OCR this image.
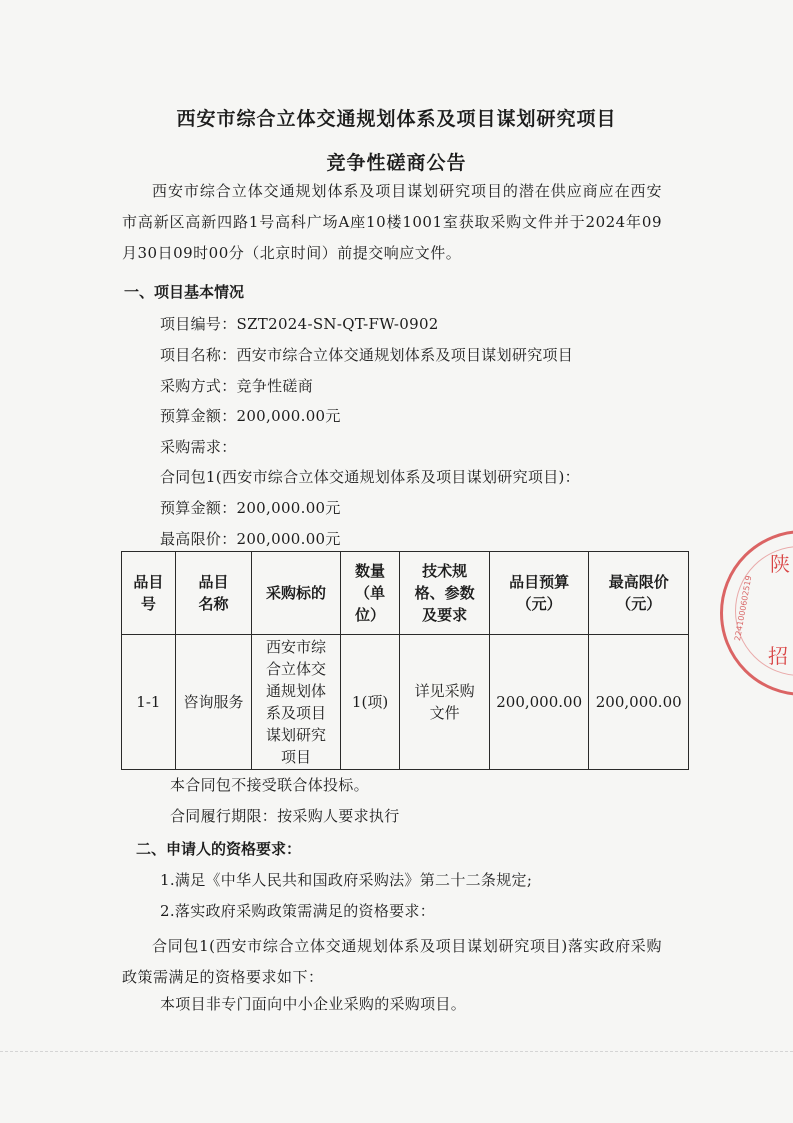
西安市综合立体交通规划体系及项目谋划研究项目
竞争性磋商公告
西安市综合立体交通规划体系及项目谋划研究项目的潜在供应商应在西安市高新区高新四路1号高科广场A座10楼1001室获取采购文件并于2024年09月30日09时00分（北京时间）前提交响应文件。
一、项目基本情况
项目编号：SZT2024-SN-QT-FW-0902
项目名称：西安市综合立体交通规划体系及项目谋划研究项目
采购方式：竞争性磋商
预算金额：200,000.00元
采购需求：
合同包1(西安市综合立体交通规划体系及项目谋划研究项目)：
预算金额：200,000.00元
最高限价：200,000.00元
品目号	品目名称	采购标的	数量（单位）	技术规格、参数及要求	品目预算（元）	最高限价（元）
1-1	咨询服务	西安市综合立体交通规划体系及项目谋划研究项目	1(项)	详见采购文件	200,000.00	200,000.00
本合同包不接受联合体投标。
合同履行期限：按采购人要求执行
二、申请人的资格要求：
1.满足《中华人民共和国政府采购法》第二十二条规定;
2.落实政府采购政策需满足的资格要求：
合同包1(西安市综合立体交通规划体系及项目谋划研究项目)落实政府采购政策需满足的资格要求如下：
本项目非专门面向中小企业采购的采购项目。
陕
招
2241000602519
